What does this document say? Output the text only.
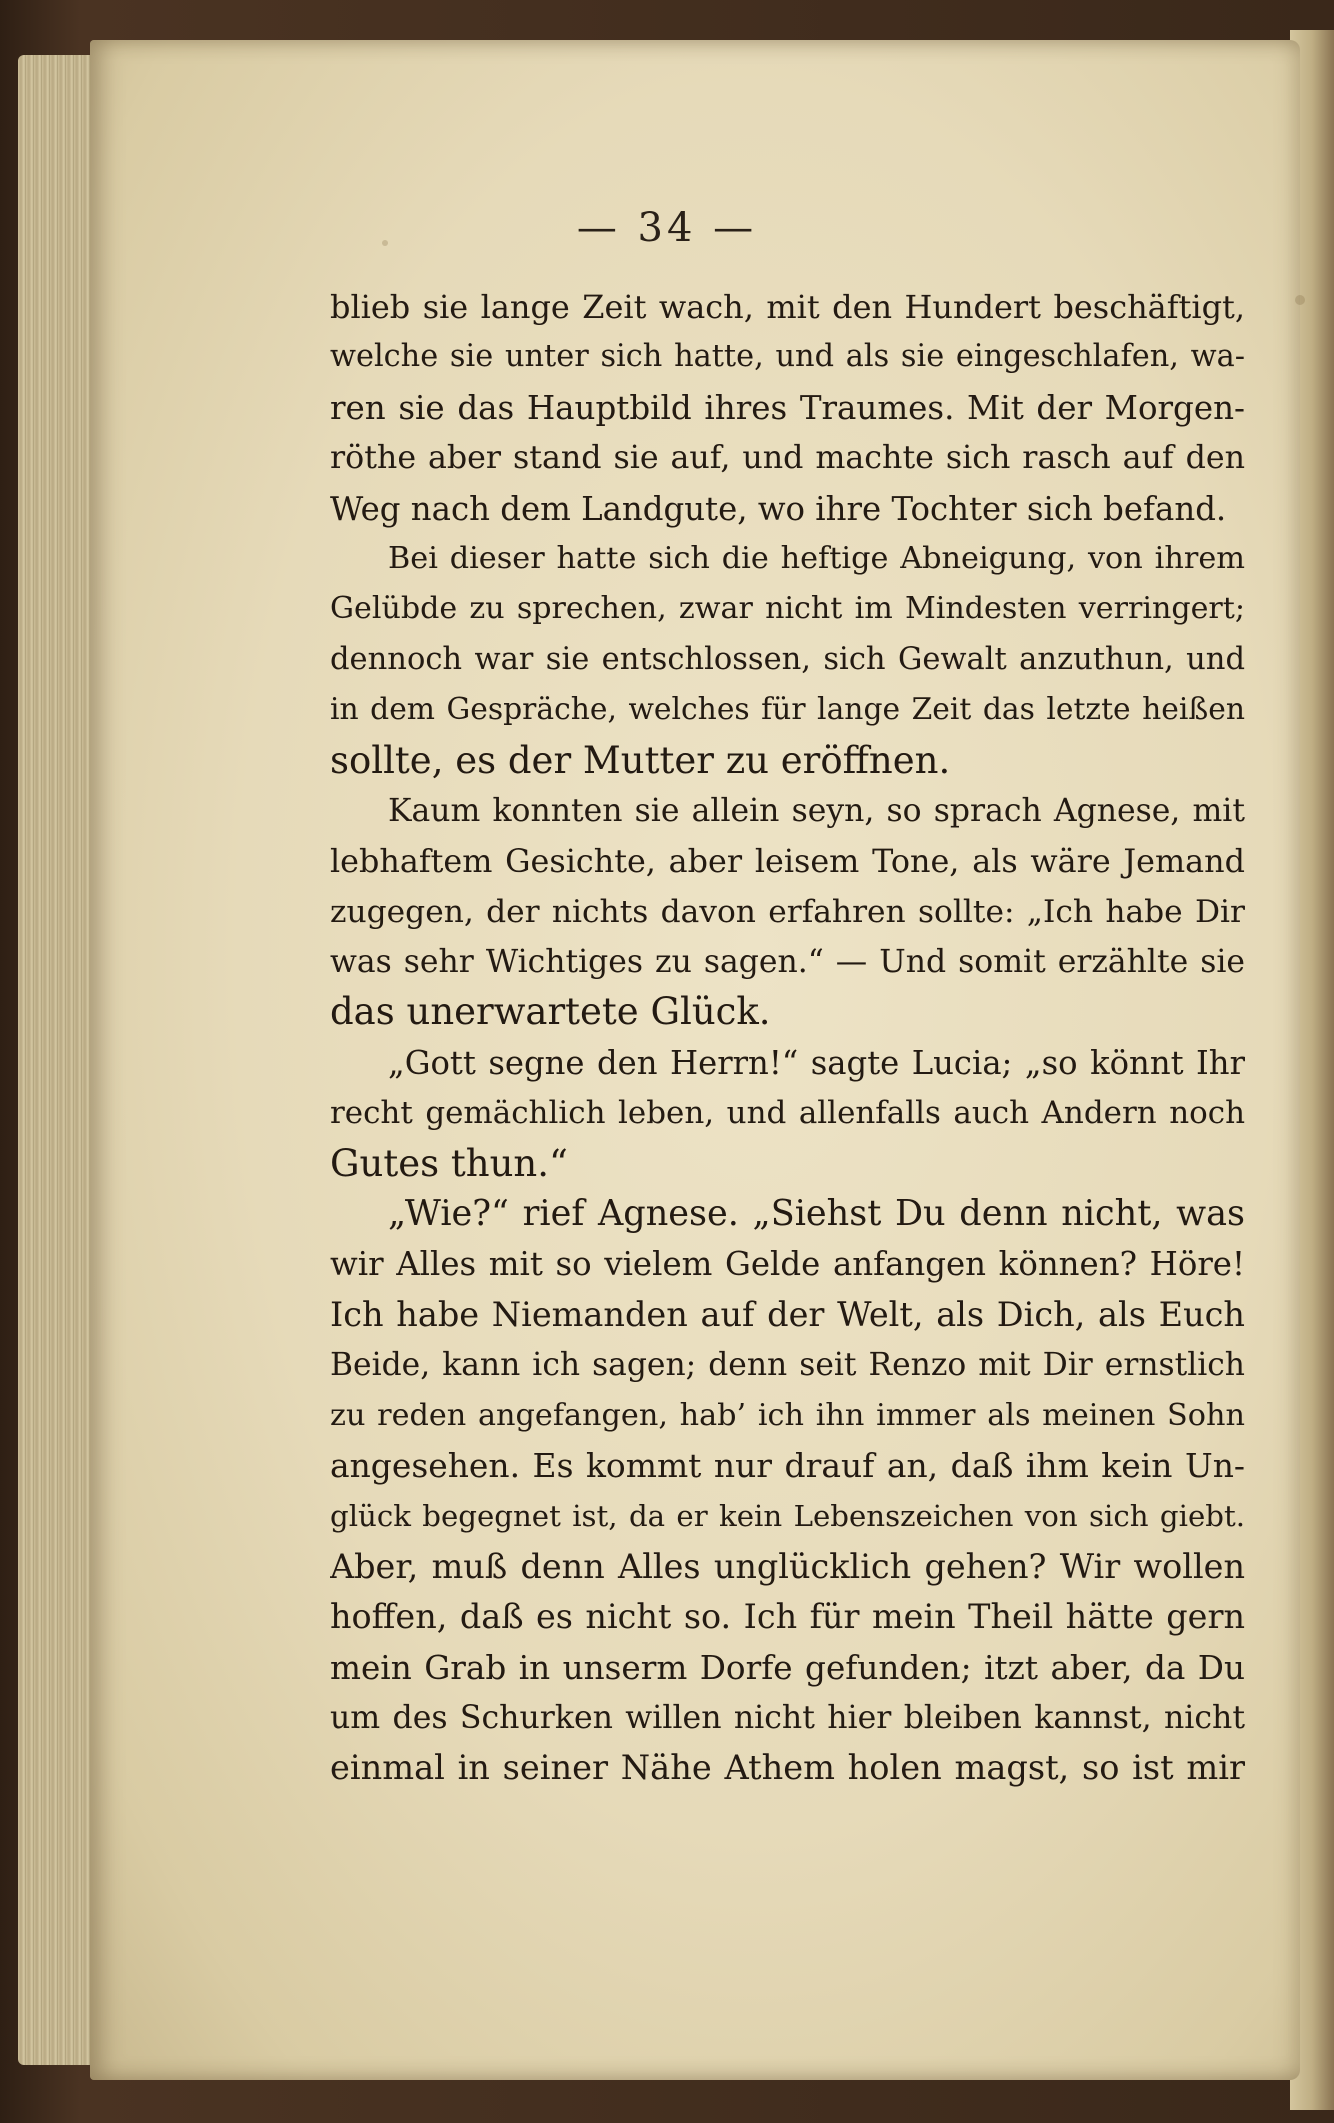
— 34 —
blieb sie lange Zeit wach, mit den Hundert beschäftigt,
welche sie unter sich hatte, und als sie eingeschlafen, wa-
ren sie das Hauptbild ihres Traumes. Mit der Morgen-
röthe aber stand sie auf, und machte sich rasch auf den
Weg nach dem Landgute, wo ihre Tochter sich befand.
Bei dieser hatte sich die heftige Abneigung, von ihrem
Gelübde zu sprechen, zwar nicht im Mindesten verringert;
dennoch war sie entschlossen, sich Gewalt anzuthun, und
in dem Gespräche, welches für lange Zeit das letzte heißen
sollte, es der Mutter zu eröffnen.
Kaum konnten sie allein seyn, so sprach Agnese, mit
lebhaftem Gesichte, aber leisem Tone, als wäre Jemand
zugegen, der nichts davon erfahren sollte: „Ich habe Dir
was sehr Wichtiges zu sagen.“ — Und somit erzählte sie
das unerwartete Glück.
„Gott segne den Herrn!“ sagte Lucia; „so könnt Ihr
recht gemächlich leben, und allenfalls auch Andern noch
Gutes thun.“
„Wie?“ rief Agnese. „Siehst Du denn nicht, was
wir Alles mit so vielem Gelde anfangen können? Höre!
Ich habe Niemanden auf der Welt, als Dich, als Euch
Beide, kann ich sagen; denn seit Renzo mit Dir ernstlich
zu reden angefangen, hab’ ich ihn immer als meinen Sohn
angesehen. Es kommt nur drauf an, daß ihm kein Un-
glück begegnet ist, da er kein Lebenszeichen von sich giebt.
Aber, muß denn Alles unglücklich gehen? Wir wollen
hoffen, daß es nicht so. Ich für mein Theil hätte gern
mein Grab in unserm Dorfe gefunden; itzt aber, da Du
um des Schurken willen nicht hier bleiben kannst, nicht
einmal in seiner Nähe Athem holen magst, so ist mir
